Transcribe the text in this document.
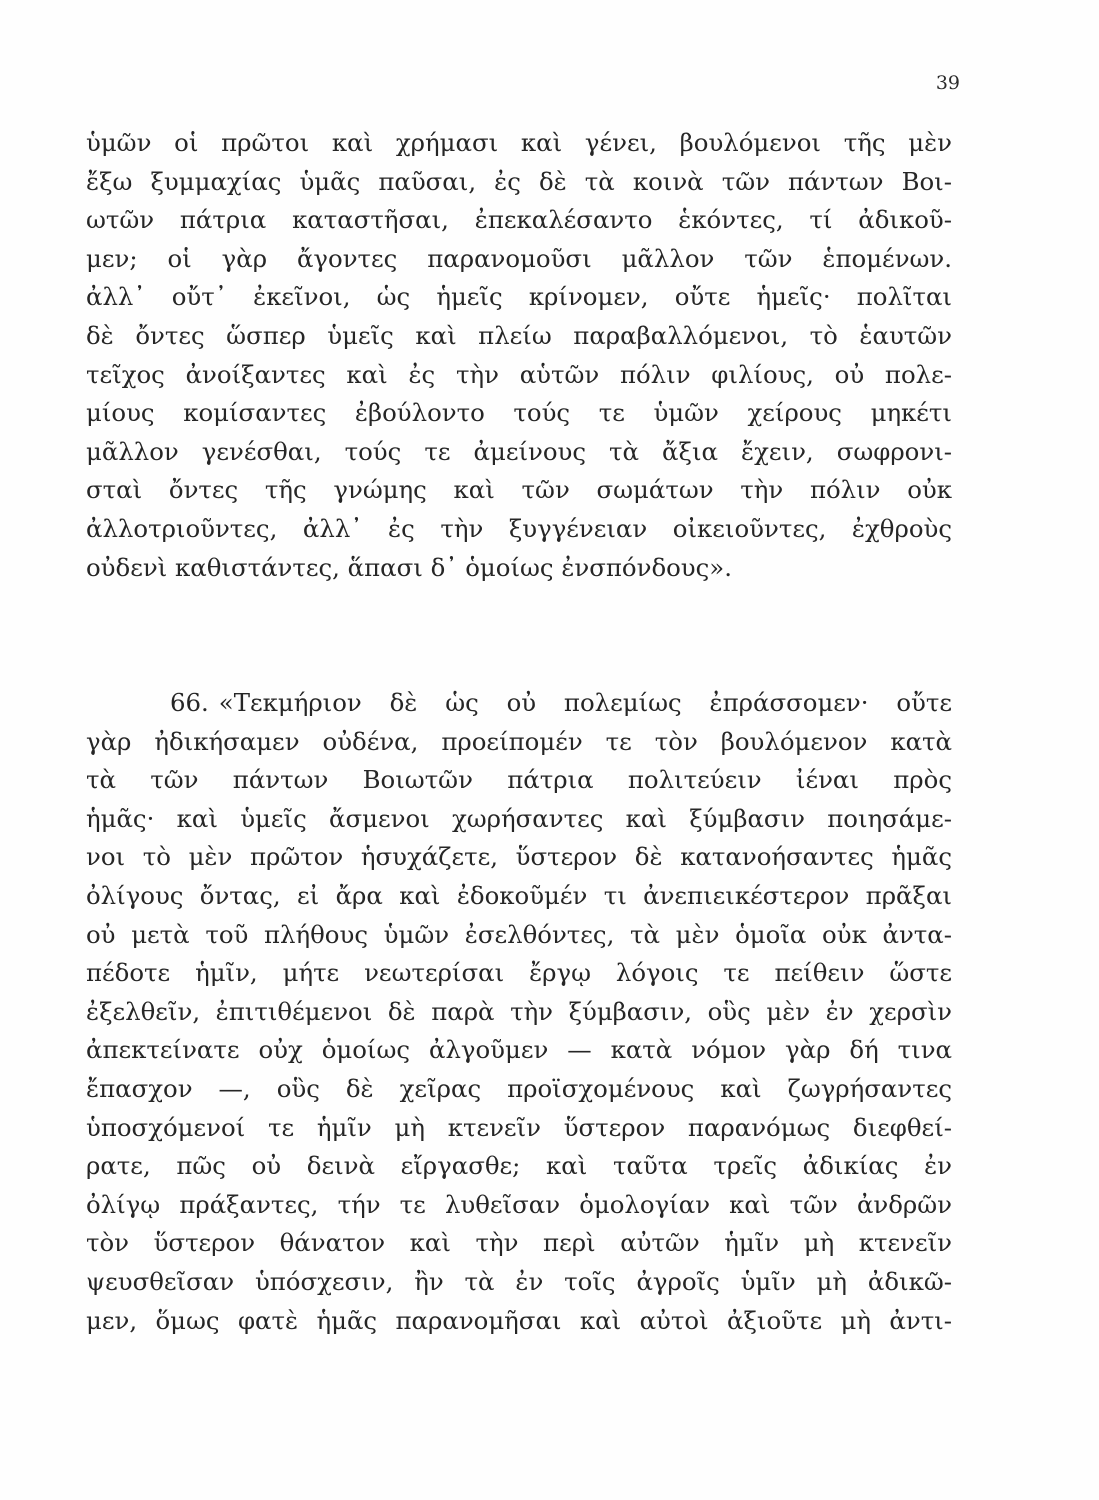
39
ὑμῶν οἱ πρῶτοι καὶ χρήμασι καὶ γένει, βουλόμενοι τῆς μὲν
ἔξω ξυμμαχίας ὑμᾶς παῦσαι, ἐς δὲ τὰ κοινὰ τῶν πάντων Βοι-
ωτῶν πάτρια καταστῆσαι, ἐπεκαλέσαντο ἑκόντες, τί ἀδικοῦ-
μεν; οἱ γὰρ ἄγοντες παρανομοῦσι μᾶλλον τῶν ἑπομένων.
ἀλλ᾽ οὔτ᾽ ἐκεῖνοι, ὡς ἡμεῖς κρίνομεν, οὔτε ἡμεῖς· πολῖται
δὲ ὄντες ὥσπερ ὑμεῖς καὶ πλείω παραβαλλόμενοι, τὸ ἑαυτῶν
τεῖχος ἀνοίξαντες καὶ ἐς τὴν αὑτῶν πόλιν φιλίους, οὐ πολε-
μίους κομίσαντες ἐβούλοντο τούς τε ὑμῶν χείρους μηκέτι
μᾶλλον γενέσθαι, τούς τε ἀμείνους τὰ ἄξια ἔχειν, σωφρονι-
σταὶ ὄντες τῆς γνώμης καὶ τῶν σωμάτων τὴν πόλιν οὐκ
ἀλλοτριοῦντες, ἀλλ᾽ ἐς τὴν ξυγγένειαν οἰκειοῦντες, ἐχθροὺς
οὐδενὶ καθιστάντες, ἅπασι δ᾽ ὁμοίως ἐνσπόνδους».
66. «Τεκμήριον δὲ ὡς οὐ πολεμίως ἐπράσσομεν· οὔτε
γὰρ ἠδικήσαμεν οὐδένα, προείπομέν τε τὸν βουλόμενον κατὰ
τὰ τῶν πάντων Βοιωτῶν πάτρια πολιτεύειν ἰέναι πρὸς
ἡμᾶς· καὶ ὑμεῖς ἄσμενοι χωρήσαντες καὶ ξύμβασιν ποιησάμε-
νοι τὸ μὲν πρῶτον ἡσυχάζετε, ὕστερον δὲ κατανοήσαντες ἡμᾶς
ὀλίγους ὄντας, εἰ ἄρα καὶ ἐδοκοῦμέν τι ἀνεπιεικέστερον πρᾶξαι
οὐ μετὰ τοῦ πλήθους ὑμῶν ἐσελθόντες, τὰ μὲν ὁμοῖα οὐκ ἀντα-
πέδοτε ἡμῖν, μήτε νεωτερίσαι ἔργῳ λόγοις τε πείθειν ὥστε
ἐξελθεῖν, ἐπιτιθέμενοι δὲ παρὰ τὴν ξύμβασιν, οὓς μὲν ἐν χερσὶν
ἀπεκτείνατε οὐχ ὁμοίως ἀλγοῦμεν — κατὰ νόμον γὰρ δή τινα
ἔπασχον —, οὓς δὲ χεῖρας προϊσχομένους καὶ ζωγρήσαντες
ὑποσχόμενοί τε ἡμῖν μὴ κτενεῖν ὕστερον παρανόμως διεφθεί-
ρατε, πῶς οὐ δεινὰ εἴργασθε; καὶ ταῦτα τρεῖς ἀδικίας ἐν
ὀλίγῳ πράξαντες, τήν τε λυθεῖσαν ὁμολογίαν καὶ τῶν ἀνδρῶν
τὸν ὕστερον θάνατον καὶ τὴν περὶ αὐτῶν ἡμῖν μὴ κτενεῖν
ψευσθεῖσαν ὑπόσχεσιν, ἢν τὰ ἐν τοῖς ἀγροῖς ὑμῖν μὴ ἀδικῶ-
μεν, ὅμως φατὲ ἡμᾶς παρανομῆσαι καὶ αὐτοὶ ἀξιοῦτε μὴ ἀντι-
